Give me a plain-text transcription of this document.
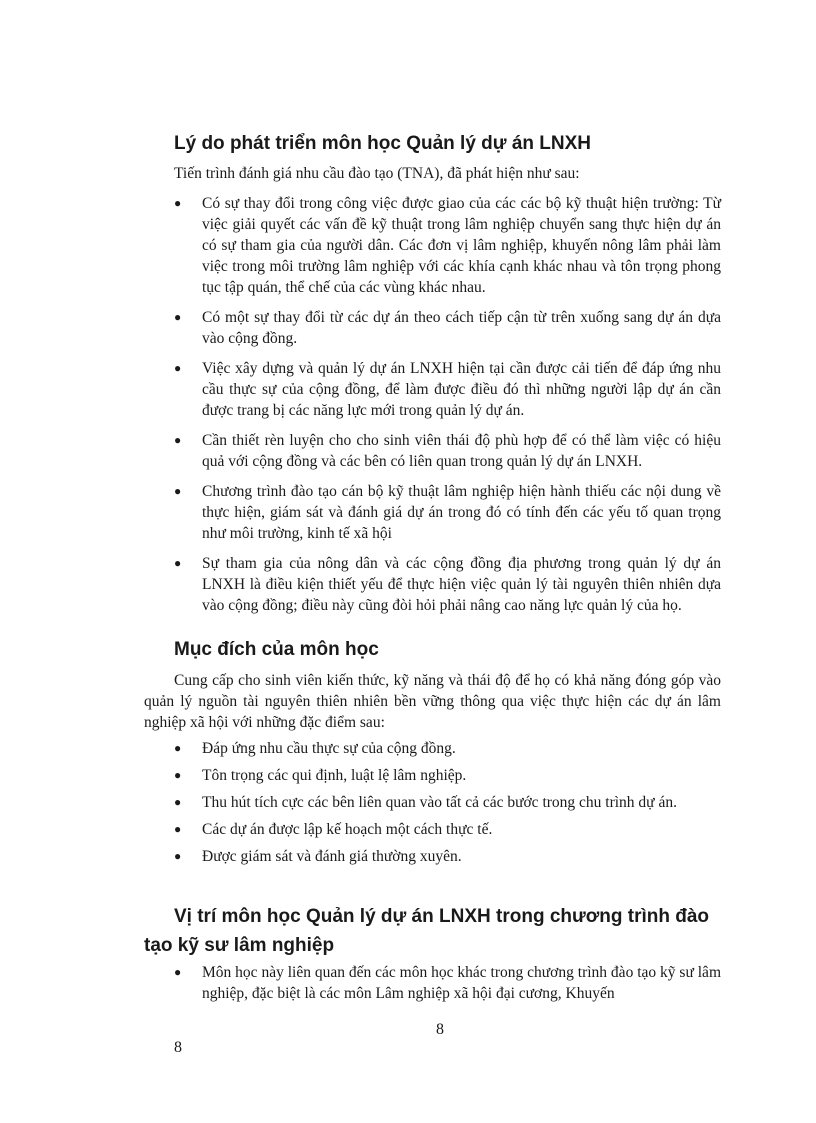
Lý do phát triển môn học Quản lý dự án LNXH

Tiến trình đánh giá nhu cầu đào tạo (TNA), đã phát hiện như sau:

● Có sự thay đổi trong công việc được giao của các các bộ kỹ thuật hiện trường: Từ việc giải quyết các vấn đề kỹ thuật trong lâm nghiệp chuyển sang thực hiện dự án có sự tham gia của người dân. Các đơn vị lâm nghiệp, khuyến nông lâm phải làm việc trong môi trường lâm nghiệp với các khía cạnh khác nhau và tôn trọng phong tục tập quán, thể chế của các vùng khác nhau.
● Có một sự thay đổi từ các dự án theo cách tiếp cận từ trên xuống sang dự án dựa vào cộng đồng.
● Việc xây dựng và quản lý dự án LNXH hiện tại cần được cải tiến để đáp ứng nhu cầu thực sự của cộng đồng, để làm được điều đó thì những người lập dự án cần được trang bị các năng lực mới trong quản lý dự án.
● Cần thiết rèn luyện cho cho sinh viên thái độ phù hợp để có thể làm việc có hiệu quả với cộng đồng và các bên có liên quan trong quản lý dự án LNXH.
● Chương trình đào tạo cán bộ kỹ thuật lâm nghiệp hiện hành thiếu các nội dung về thực hiện, giám sát và đánh giá dự án trong đó có tính đến các yếu tố quan trọng như môi trường, kinh tế xã hội
● Sự tham gia của nông dân và các cộng đồng địa phương trong quản lý dự án LNXH là điều kiện thiết yếu để thực hiện việc quản lý tài nguyên thiên nhiên dựa vào cộng đồng; điều này cũng đòi hỏi phải nâng cao năng lực quản lý của họ.
Mục đích của môn học

Cung cấp cho sinh viên kiến thức, kỹ năng và thái độ để họ có khả năng đóng góp vào quản lý nguồn tài nguyên thiên nhiên bền vững thông qua việc thực hiện các dự án lâm nghiệp xã hội với những đặc điểm sau:

● Đáp ứng nhu cầu thực sự của cộng đồng.
● Tôn trọng các qui định, luật lệ lâm nghiệp.
● Thu hút tích cực các bên liên quan vào tất cả các bước trong chu trình dự án.
● Các dự án được lập kế hoạch một cách thực tế.
● Được giám sát và đánh giá thường xuyên.
Vị trí môn học Quản lý dự án LNXH trong chương trình đào tạo kỹ sư lâm nghiệp
● Môn học này liên quan đến các môn học khác trong chương trình đào tạo kỹ sư lâm nghiệp, đặc biệt là các môn Lâm nghiệp xã hội đại cương, Khuyến
8
8
